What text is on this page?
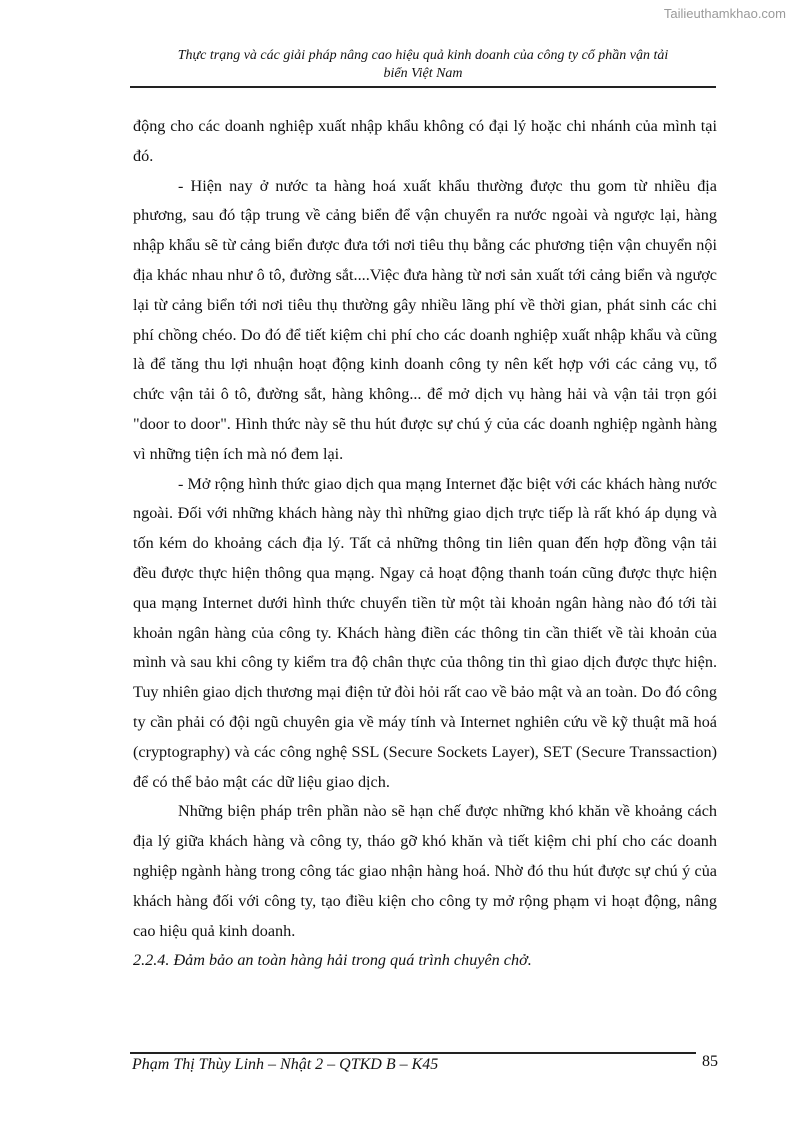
Tailieuthamkhao.com
Thực trạng và các giải pháp nâng cao hiệu quả kinh doanh của công ty cổ phần vận tải
biển Việt Nam

động cho các doanh nghiệp xuất nhập khẩu không có đại lý hoặc chi nhánh của mình tại đó.

- Hiện nay ở nước ta hàng hoá xuất khẩu thường được thu gom từ nhiều địa phương, sau đó tập trung về cảng biển để vận chuyển ra nước ngoài và ngược lại, hàng nhập khẩu sẽ từ cảng biển được đưa tới nơi tiêu thụ bằng các phương tiện vận chuyển nội địa khác nhau như ô tô, đường sắt....Việc đưa hàng từ nơi sản xuất tới cảng biển và ngược lại từ cảng biển tới nơi tiêu thụ thường gây nhiều lãng phí về thời gian, phát sinh các chi phí chồng chéo. Do đó để tiết kiệm chi phí cho các doanh nghiệp xuất nhập khẩu và cũng là để tăng thu lợi nhuận hoạt động kinh doanh công ty nên kết hợp với các cảng vụ, tổ chức vận tải ô tô, đường sắt, hàng không... để mở dịch vụ hàng hải và vận tải trọn gói "door to door". Hình thức này sẽ thu hút được sự chú ý của các doanh nghiệp ngành hàng vì những tiện ích mà nó đem lại.

- Mở rộng hình thức giao dịch qua mạng Internet đặc biệt với các khách hàng nước ngoài. Đối với những khách hàng này thì những giao dịch trực tiếp là rất khó áp dụng và tốn kém do khoảng cách địa lý. Tất cả những thông tin liên quan đến hợp đồng vận tải đều được thực hiện thông qua mạng. Ngay cả hoạt động thanh toán cũng được thực hiện qua mạng Internet dưới hình thức chuyển tiền từ một tài khoản ngân hàng nào đó tới tài khoản ngân hàng của công ty. Khách hàng điền các thông tin cần thiết về tài khoản của mình và sau khi công ty kiểm tra độ chân thực của thông tin thì giao dịch được thực hiện. Tuy nhiên giao dịch thương mại điện tử đòi hỏi rất cao về bảo mật và an toàn. Do đó công ty cần phải có đội ngũ chuyên gia về máy tính và Internet nghiên cứu về kỹ thuật mã hoá (cryptography) và các công nghệ SSL (Secure Sockets Layer), SET (Secure Transsaction) để có thể bảo mật các dữ liệu giao dịch.

Những biện pháp trên phần nào sẽ hạn chế được những khó khăn về khoảng cách địa lý giữa khách hàng và công ty, tháo gỡ khó khăn và tiết kiệm chi phí cho các doanh nghiệp ngành hàng trong công tác giao nhận hàng hoá. Nhờ đó thu hút được sự chú ý của khách hàng đối với công ty, tạo điều kiện cho công ty mở rộng phạm vi hoạt động, nâng cao hiệu quả kinh doanh.

2.2.4. Đảm bảo an toàn hàng hải trong quá trình chuyên chở.

Phạm Thị Thùy Linh – Nhật 2 – QTKD B – K45	85
